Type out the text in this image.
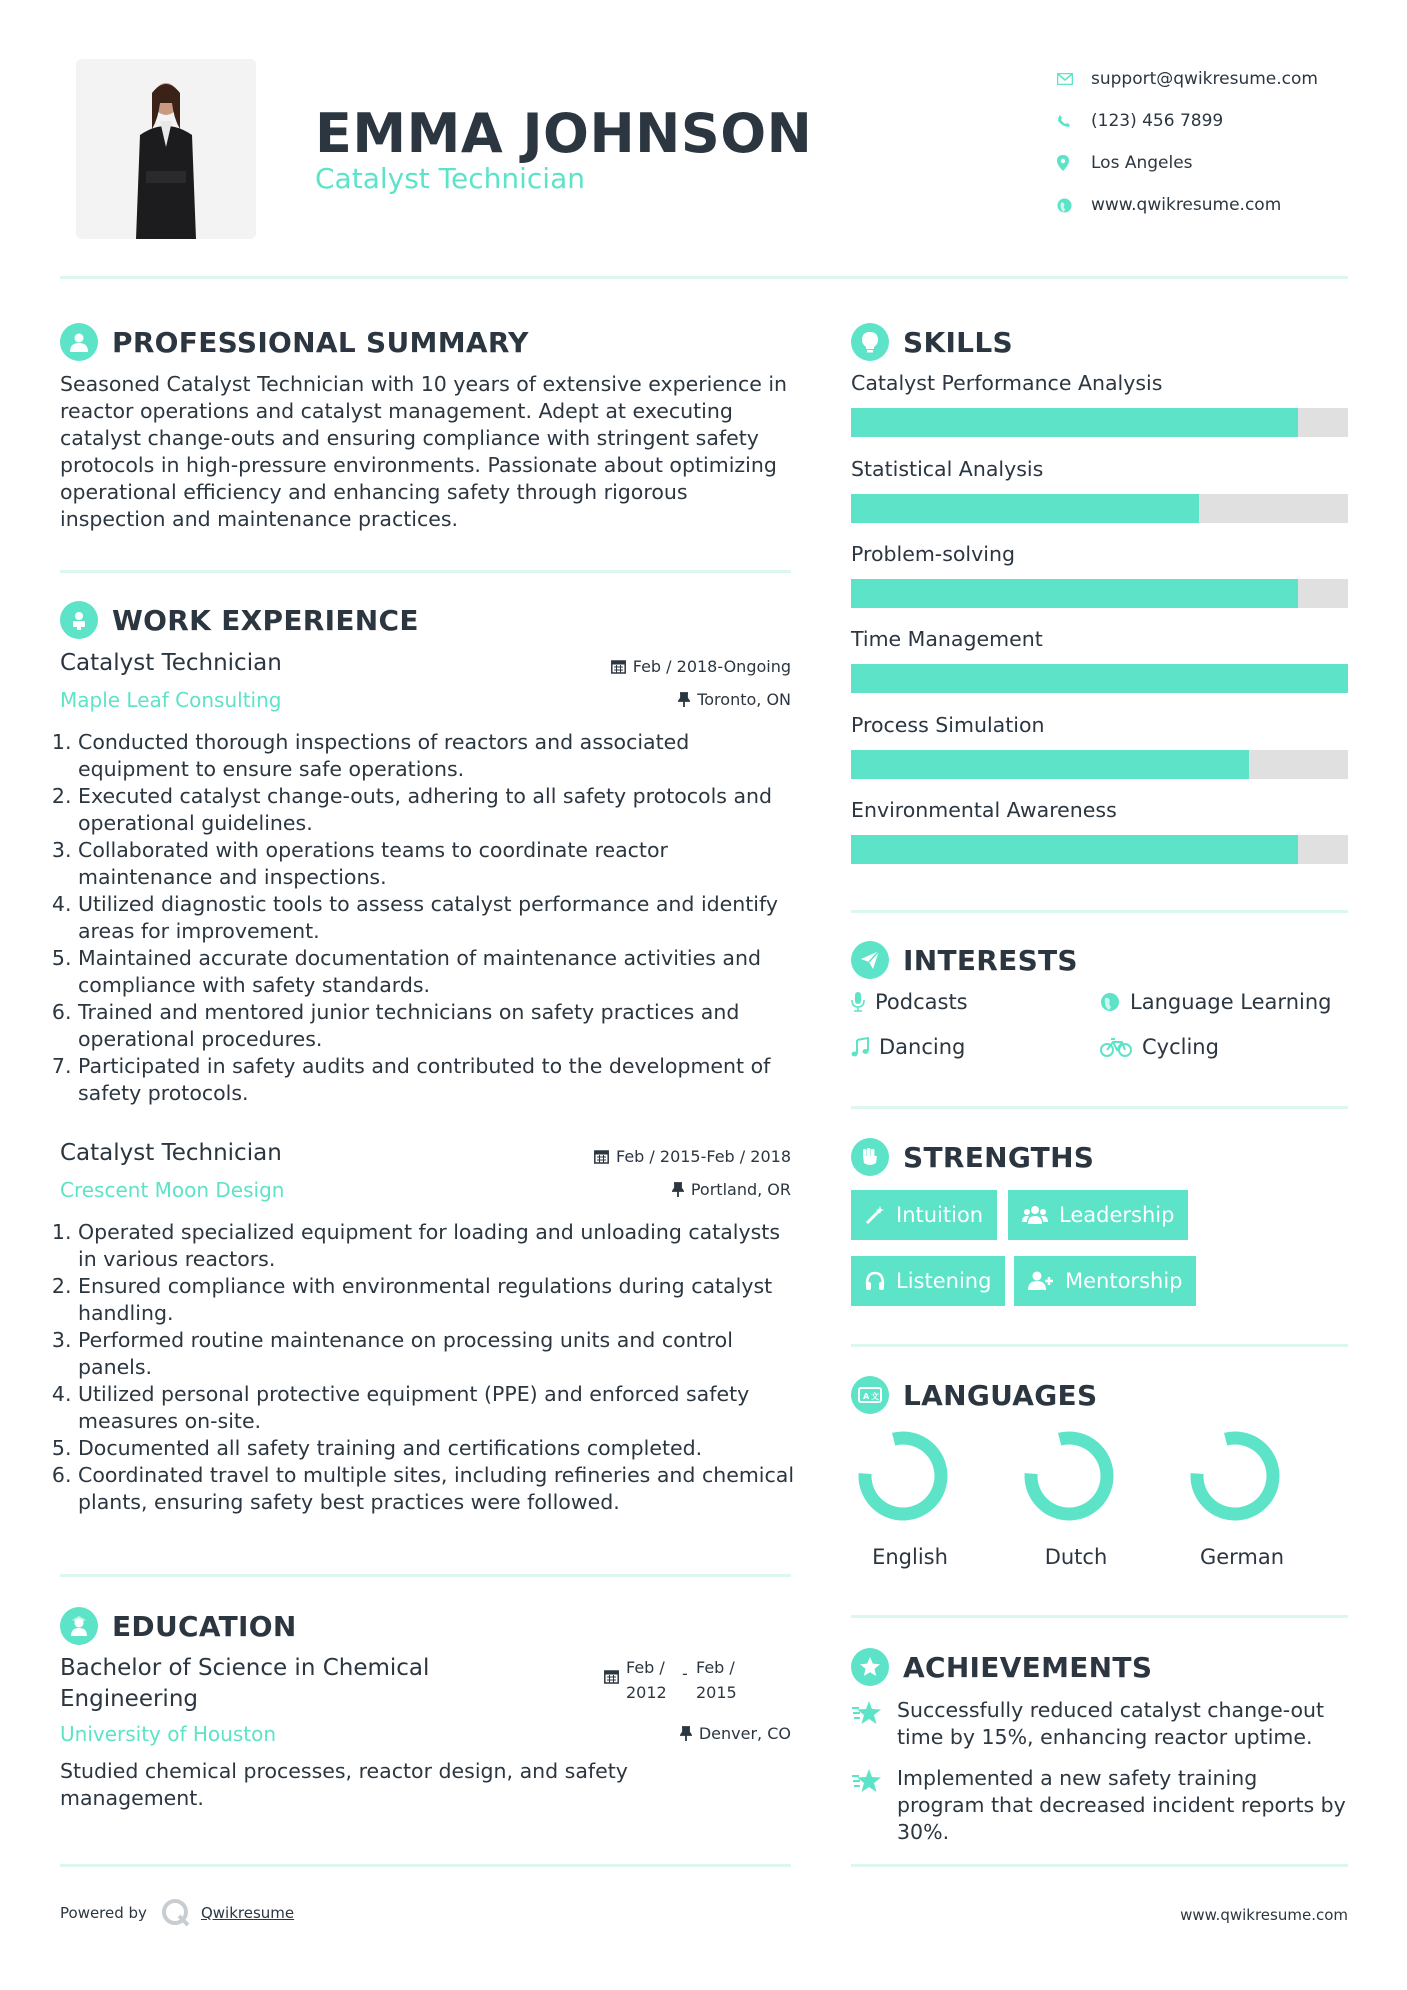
EMMA JOHNSON
Catalyst Technician
support@qwikresume.com
(123) 456 7899
Los Angeles
www.qwikresume.com
PROFESSIONAL SUMMARY
Seasoned Catalyst Technician with 10 years of extensive experience in reactor operations and catalyst management. Adept at executing catalyst change-outs and ensuring compliance with stringent safety protocols in high-pressure environments. Passionate about optimizing operational efficiency and enhancing safety through rigorous inspection and maintenance practices.
WORK EXPERIENCE
Catalyst Technician
Maple Leaf Consulting
Feb / 2018-Ongoing
Toronto, ON
1. Conducted thorough inspections of reactors and associated equipment to ensure safe operations.
2. Executed catalyst change-outs, adhering to all safety protocols and operational guidelines.
3. Collaborated with operations teams to coordinate reactor maintenance and inspections.
4. Utilized diagnostic tools to assess catalyst performance and identify areas for improvement.
5. Maintained accurate documentation of maintenance activities and compliance with safety standards.
6. Trained and mentored junior technicians on safety practices and operational procedures.
7. Participated in safety audits and contributed to the development of safety protocols.
Catalyst Technician
Crescent Moon Design
Feb / 2015-Feb / 2018
Portland, OR
1. Operated specialized equipment for loading and unloading catalysts in various reactors.
2. Ensured compliance with environmental regulations during catalyst handling.
3. Performed routine maintenance on processing units and control panels.
4. Utilized personal protective equipment (PPE) and enforced safety measures on-site.
5. Documented all safety training and certifications completed.
6. Coordinated travel to multiple sites, including refineries and chemical plants, ensuring safety best practices were followed.
EDUCATION
Bachelor of Science in Chemical Engineering
University of Houston
Feb / 2012
- Feb / 2015
Denver, CO
Studied chemical processes, reactor design, and safety management.
SKILLS
Catalyst Performance Analysis
Statistical Analysis
Problem-solving
Time Management
Process Simulation
Environmental Awareness
INTERESTS
Podcasts	Language Learning
Dancing	Cycling
STRENGTHS
Intuition	Leadership
Listening	Mentorship
A 文 LANGUAGES
English	Dutch	German
ACHIEVEMENTS
Successfully reduced catalyst change-out time by 15%, enhancing reactor uptime.
Implemented a new safety training program that decreased incident reports by 30%.
Powered by	Qwikresume	www.qwikresume.com
